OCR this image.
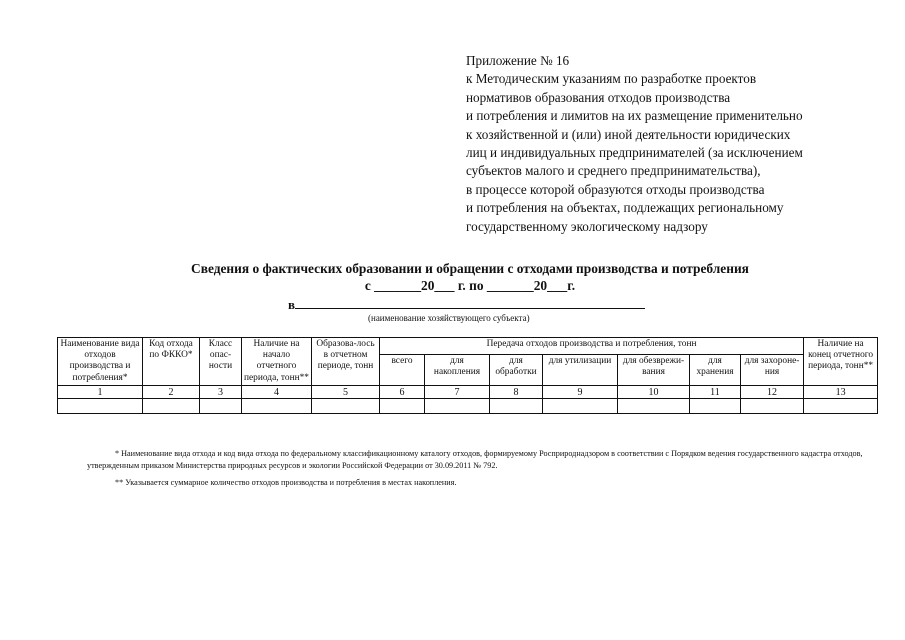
Приложение № 16
к Методическим указаниям по разработке проектов
нормативов образования отходов производства
и потребления и лимитов на их размещение применительно
к хозяйственной и (или) иной деятельности юридических
лиц и индивидуальных предпринимателей (за исключением
субъектов малого и среднего предпринимательства),
в процессе которой образуются отходы производства
и потребления на объектах, подлежащих региональному
государственному экологическому надзору
Сведения о фактических образовании и обращении с отходами производства и потребления
с _______20___ г. по _______20___г.
в
(наименование хозяйствующего субъекта)
Наименование вида отходов производства и потребления*	Код отхода по ФККО*	Класс опас-ности	Наличие на начало отчетного периода, тонн**	Образова-лось в отчетном периоде, тонн	Передача отходов производства и потребления, тонн							Наличие на конец отчетного периода, тонн**
					всего	для накопления	для обработки	для утилизации	для обезврежи-вания	для хранения	для захороне-ния	
1	2	3	4	5	6	7	8	9	10	11	12	13

* Наименование вида отхода и код вида отхода по федеральному классификационному каталогу отходов, формируемому Росприроднадзором в соответствии с Порядком ведения государственного кадастра отходов, утвержденным приказом Министерства природных ресурсов и экологии Российской Федерации от 30.09.2011 № 792.

** Указывается суммарное количество отходов производства и потребления в местах накопления.
